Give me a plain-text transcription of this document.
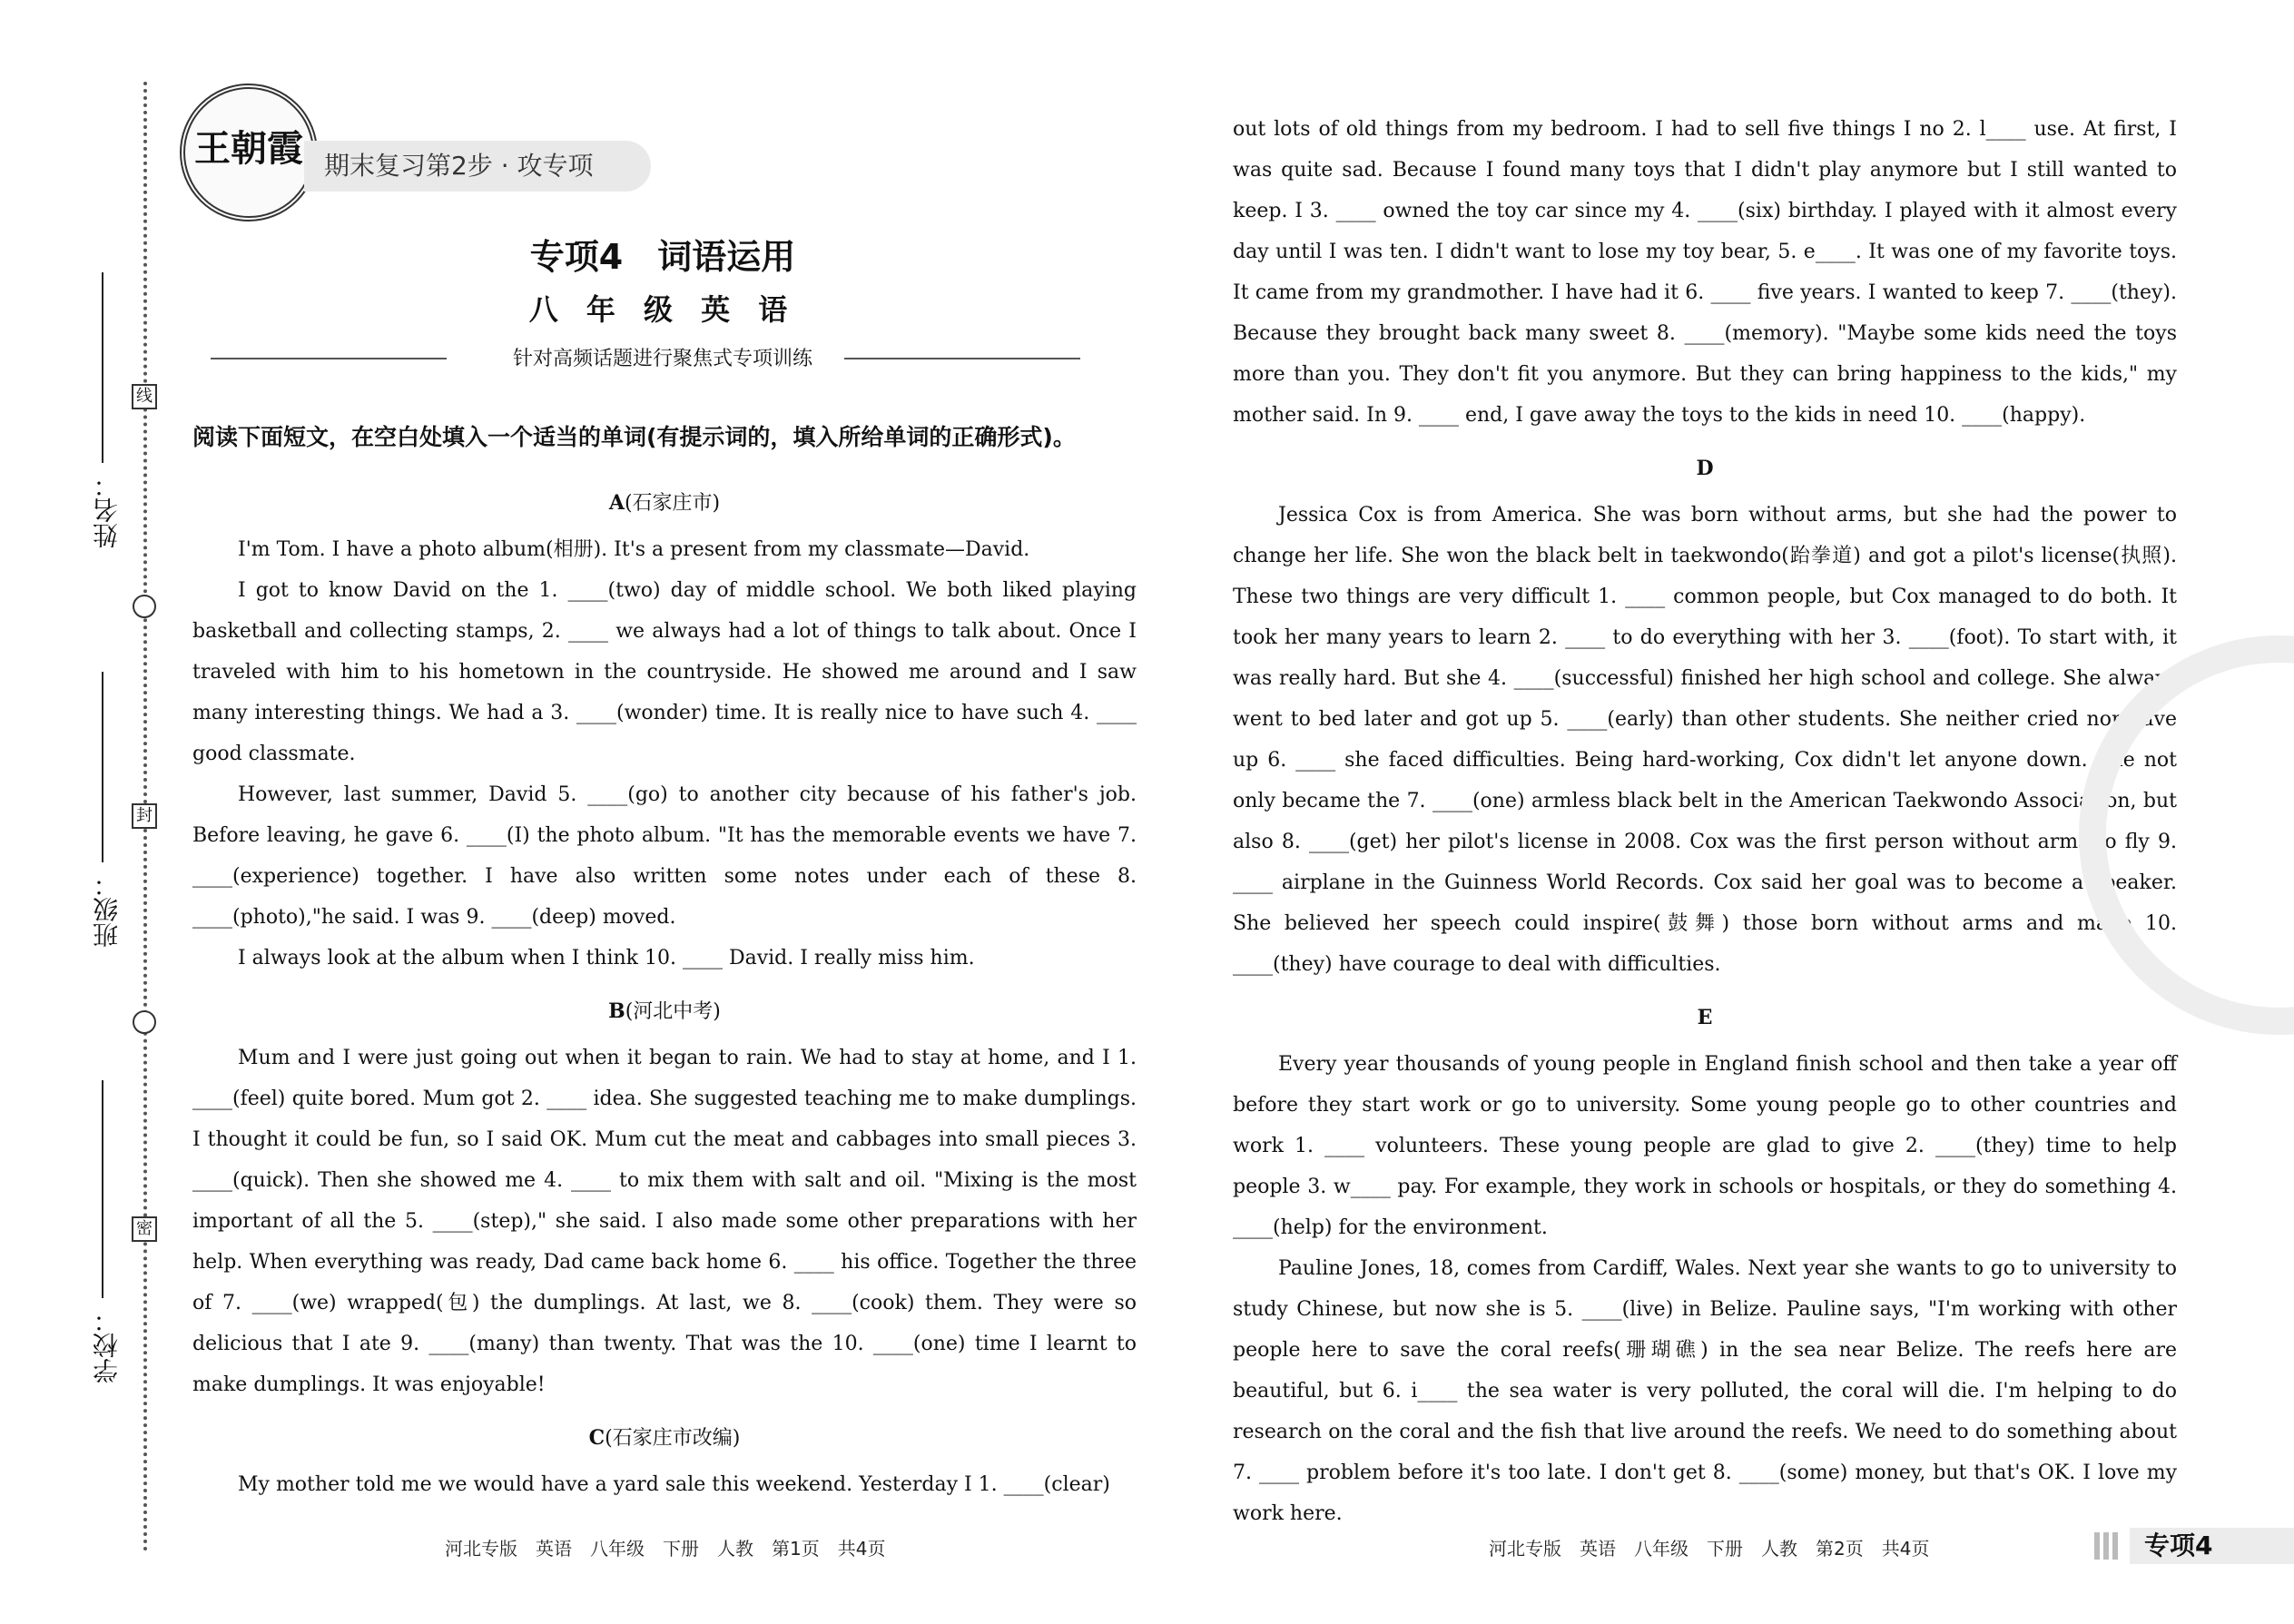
姓名：
班级：
学校：
线
封
密
王朝霞 期末复习第2步 · 攻专项
专项4　词语运用
八 年 级 英 语
针对高频话题进行聚焦式专项训练
阅读下面短文，在空白处填入一个适当的单词(有提示词的，填入所给单词的正确形式)。
A(石家庄市)

I'm Tom. I have a photo album(相册). It's a present from my classmate—David.

I got to know David on the 1. ____(two) day of middle school. We both liked playing basketball and collecting stamps, 2. ____ we always had a lot of things to talk about. Once I traveled with him to his hometown in the countryside. He showed me around and I saw many interesting things. We had a 3. ____(wonder) time. It is really nice to have such 4. ____ good classmate.

However, last summer, David 5. ____(go) to another city because of his father's job. Before leaving, he gave 6. ____(I) the photo album. "It has the memorable events we have 7. ____(experience) together. I have also written some notes under each of these 8. ____(photo),"he said. I was 9. ____(deep) moved.

I always look at the album when I think 10. ____ David. I really miss him.

B(河北中考)

Mum and I were just going out when it began to rain. We had to stay at home, and I 1. ____(feel) quite bored. Mum got 2. ____ idea. She suggested teaching me to make dumplings. I thought it could be fun, so I said OK. Mum cut the meat and cabbages into small pieces 3. ____(quick). Then she showed me 4. ____ to mix them with salt and oil. "Mixing is the most important of all the 5. ____(step)," she said. I also made some other preparations with her help. When everything was ready, Dad came back home 6. ____ his office. Together the three of 7. ____(we) wrapped(包) the dumplings. At last, we 8. ____(cook) them. They were so delicious that I ate 9. ____(many) than twenty. That was the 10. ____(one) time I learnt to make dumplings. It was enjoyable!

C(石家庄市改编)

My mother told me we would have a yard sale this weekend. Yesterday I 1. ____(clear)

out lots of old things from my bedroom. I had to sell five things I no 2. l____ use. At first, I was quite sad. Because I found many toys that I didn't play anymore but I still wanted to keep. I 3. ____ owned the toy car since my 4. ____(six) birthday. I played with it almost every day until I was ten. I didn't want to lose my toy bear, 5. e____. It was one of my favorite toys. It came from my grandmother. I have had it 6. ____ five years. I wanted to keep 7. ____(they). Because they brought back many sweet 8. ____(memory). "Maybe some kids need the toys more than you. They don't fit you anymore. But they can bring happiness to the kids," my mother said. In 9. ____ end, I gave away the toys to the kids in need 10. ____(happy).

D

Jessica Cox is from America. She was born without arms, but she had the power to change her life. She won the black belt in taekwondo(跆拳道) and got a pilot's license(执照). These two things are very difficult 1. ____ common people, but Cox managed to do both. It took her many years to learn 2. ____ to do everything with her 3. ____(foot). To start with, it was really hard. But she 4. ____(successful) finished her high school and college. She always went to bed later and got up 5. ____(early) than other students. She neither cried nor gave up 6. ____ she faced difficulties. Being hard-working, Cox didn't let anyone down. She not only became the 7. ____(one) armless black belt in the American Taekwondo Association, but also 8. ____(get) her pilot's license in 2008. Cox was the first person without arms to fly 9. ____ airplane in the Guinness World Records. Cox said her goal was to become a speaker. She believed her speech could inspire(鼓舞) those born without arms and make 10. ____(they) have courage to deal with difficulties.

E

Every year thousands of young people in England finish school and then take a year off before they start work or go to university. Some young people go to other countries and work 1. ____ volunteers. These young people are glad to give 2. ____(they) time to help people 3. w____ pay. For example, they work in schools or hospitals, or they do something 4. ____(help) for the environment.

Pauline Jones, 18, comes from Cardiff, Wales. Next year she wants to go to university to study Chinese, but now she is 5. ____(live) in Belize. Pauline says, "I'm working with other people here to save the coral reefs(珊瑚礁) in the sea near Belize. The reefs here are beautiful, but 6. i____ the sea water is very polluted, the coral will die. I'm helping to do research on the coral and the fish that live around the reefs. We need to do something about 7. ____ problem before it's too late. I don't get 8. ____(some) money, but that's OK. I love my work here.

河北专版　英语　八年级　下册　人教　第1页　共4页	河北专版　英语　八年级　下册　人教　第2页　共4页	专项4
